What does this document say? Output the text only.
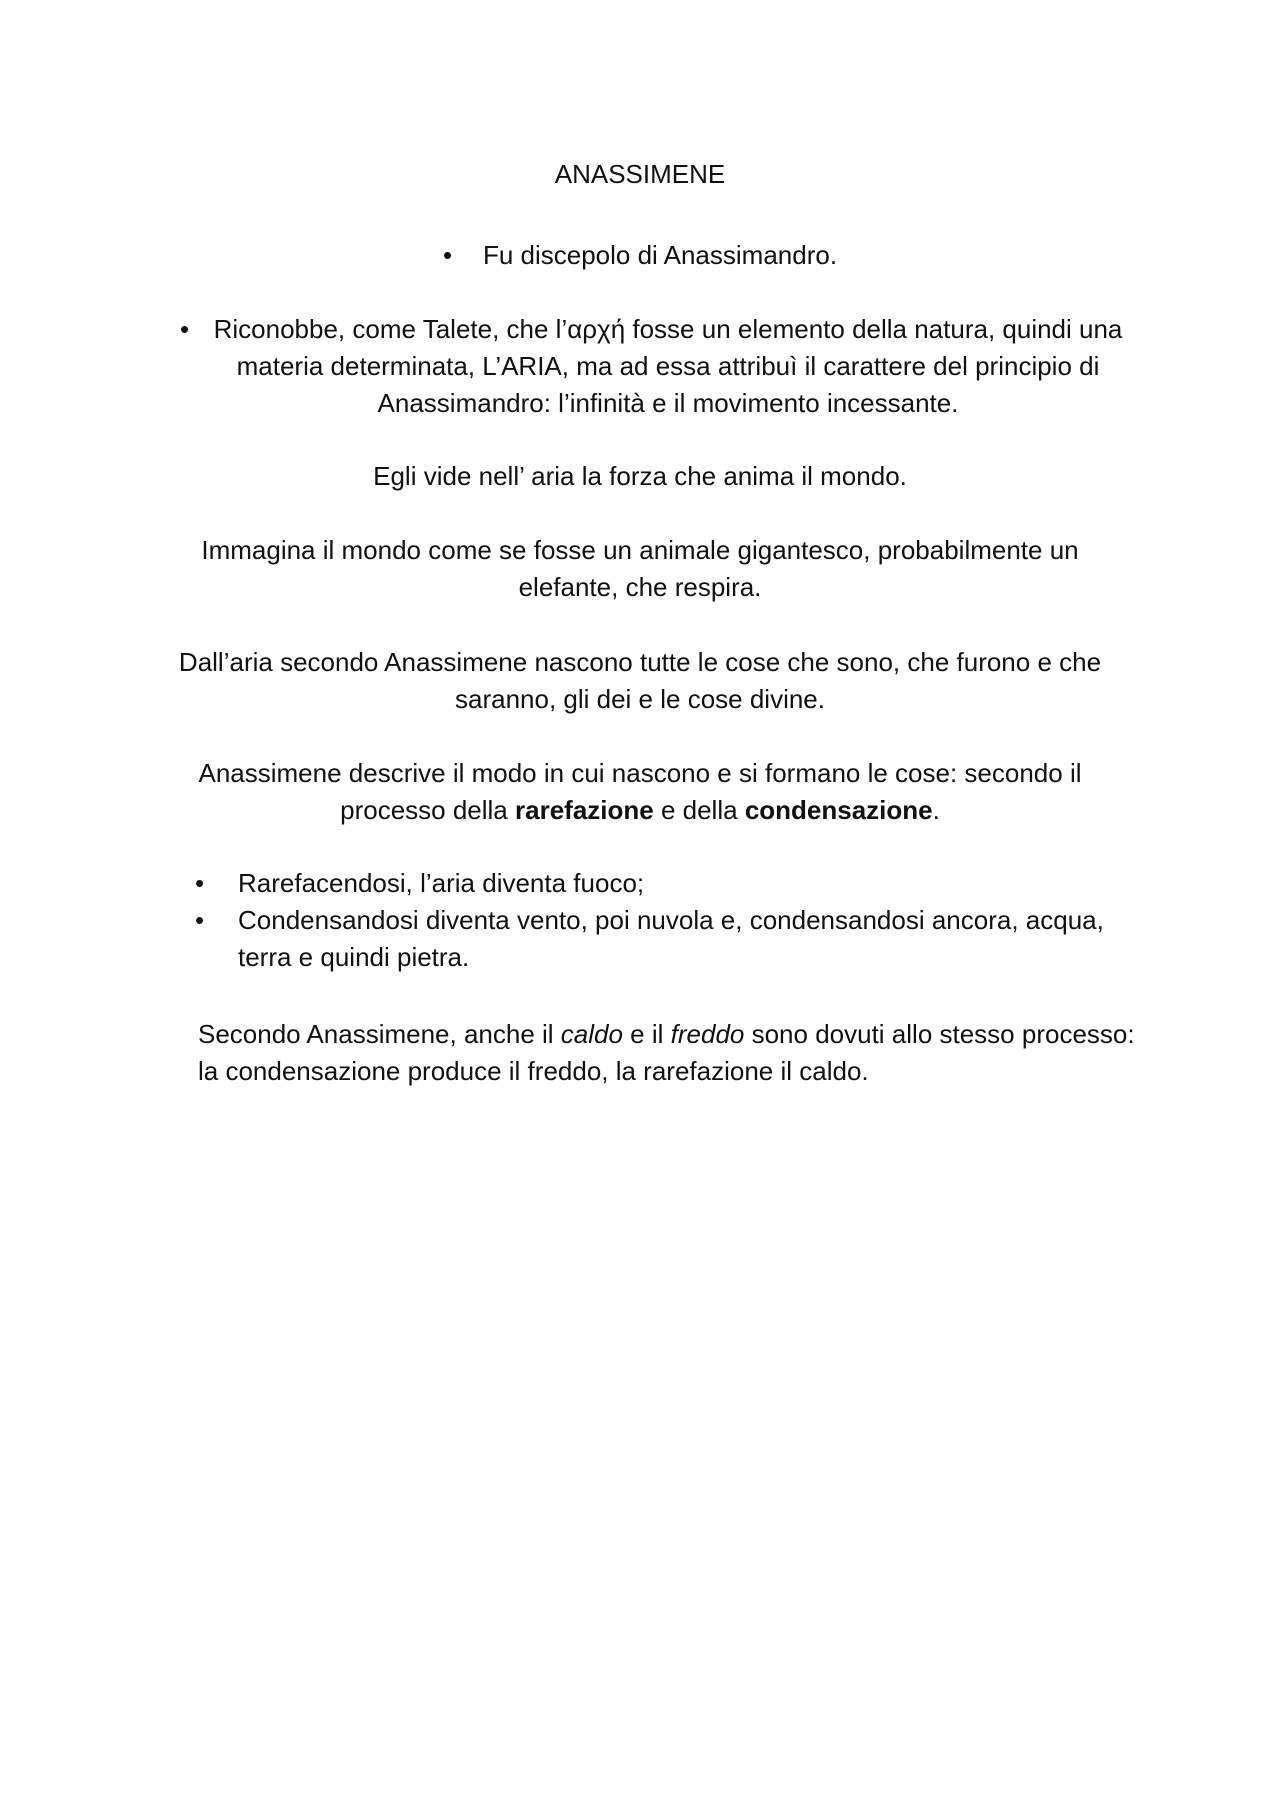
ANASSIMENE
• Fu discepolo di Anassimandro.
• Riconobbe, come Talete, che l’αρχή fosse un elemento della natura, quindi una materia determinata, L’ARIA, ma ad essa attribuì il carattere del principio di Anassimandro: l’infinità e il movimento incessante.
Egli vide nell’ aria la forza che anima il mondo.
Immagina il mondo come se fosse un animale gigantesco, probabilmente un elefante, che respira.
Dall’aria secondo Anassimene nascono tutte le cose che sono, che furono e che saranno, gli dei e le cose divine.
Anassimene descrive il modo in cui nascono e si formano le cose: secondo il processo della rarefazione e della condensazione.
•	Rarefacendosi, l’aria diventa fuoco;
•	Condensandosi diventa vento, poi nuvola e, condensandosi ancora, acqua, terra e quindi pietra.
Secondo Anassimene, anche il caldo e il freddo sono dovuti allo stesso processo: la condensazione produce il freddo, la rarefazione il caldo.
